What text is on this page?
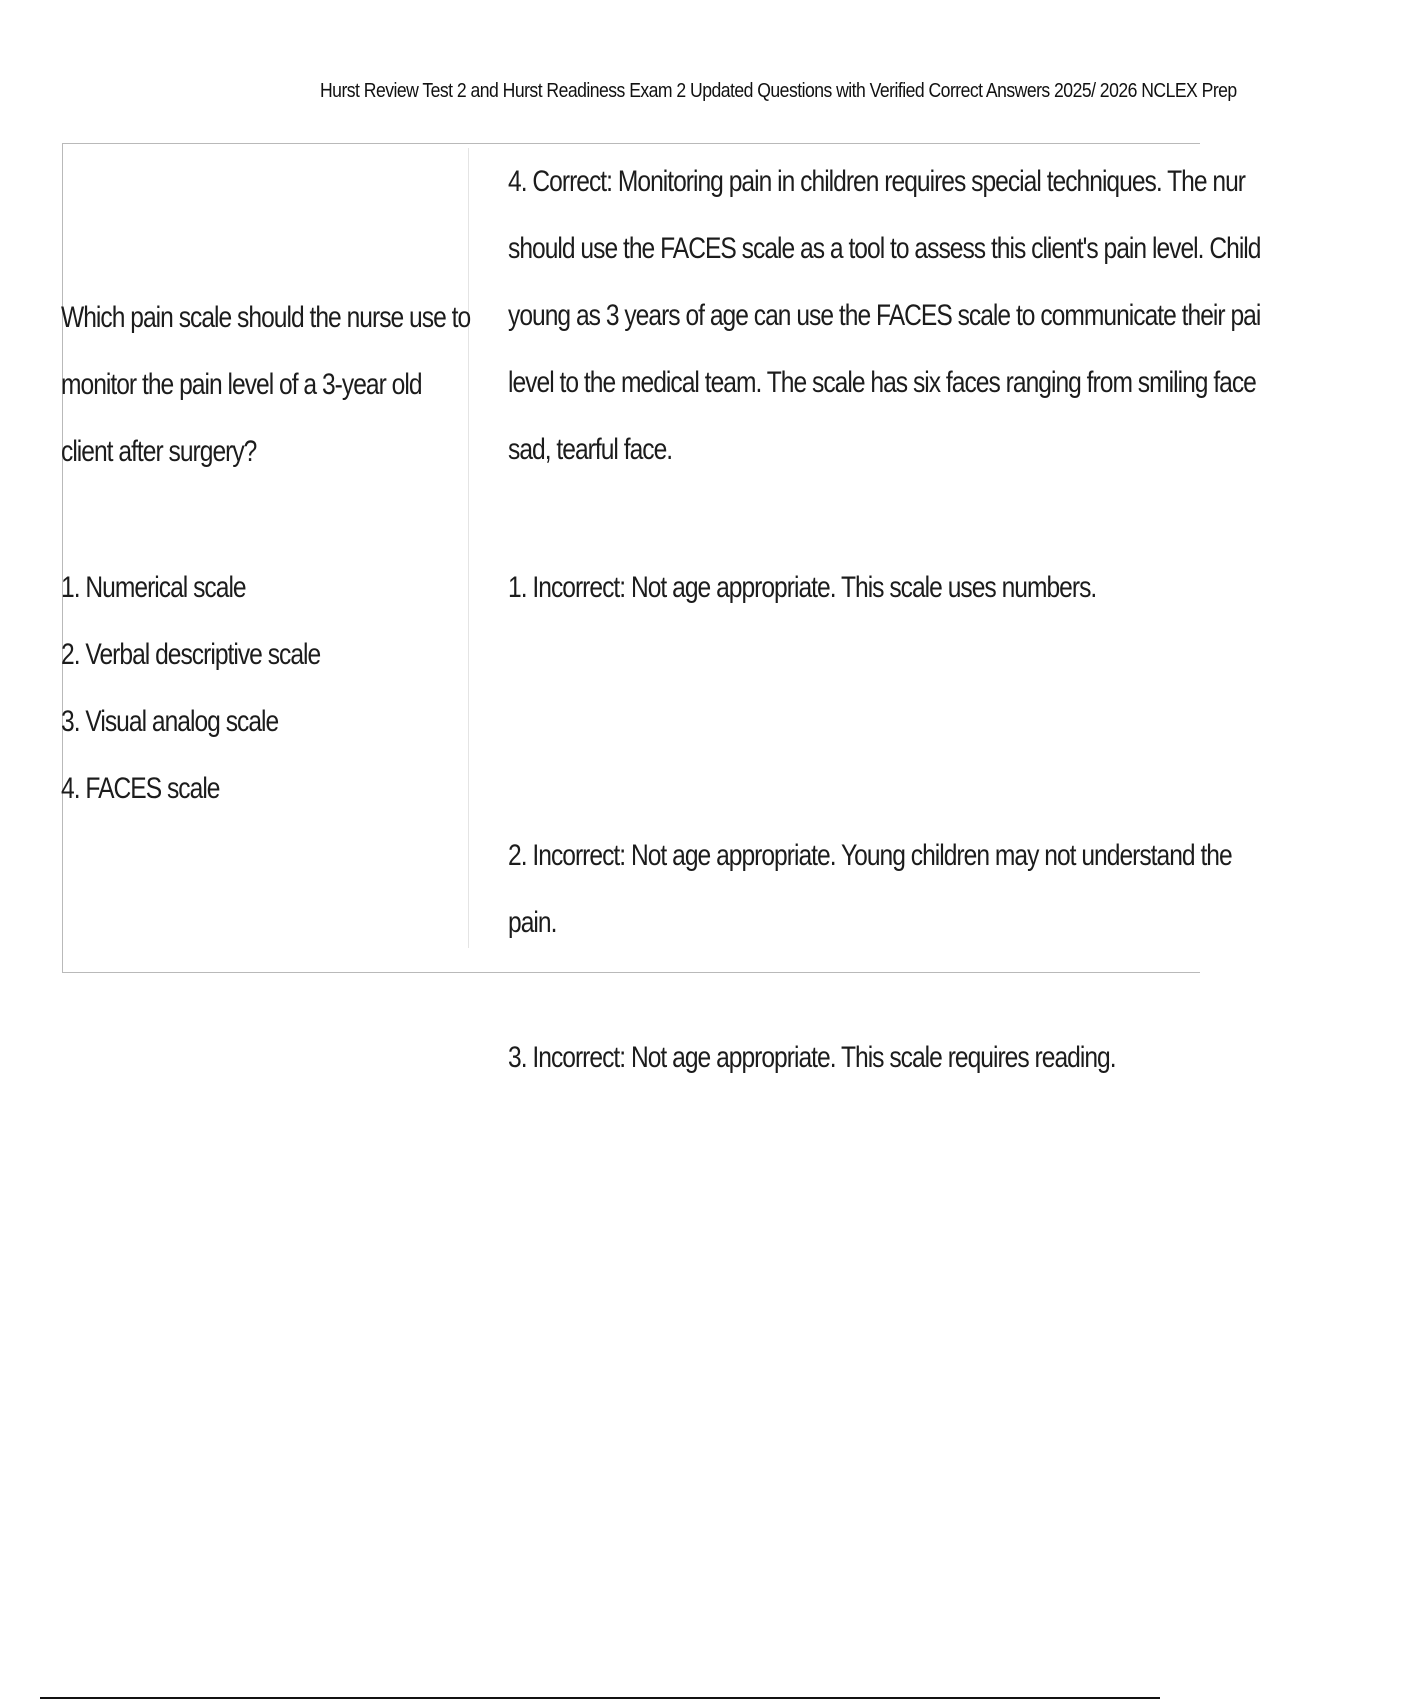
Hurst Review Test 2 and Hurst Readiness Exam 2 Updated Questions with Verified Correct Answers 2025/ 2026 NCLEX Prep
Which pain scale should the nurse use to
monitor the pain level of a 3-year old
client after surgery?
1. Numerical scale
2. Verbal descriptive scale
3. Visual analog scale
4. FACES scale
4. Correct: Monitoring pain in children requires special techniques. The nur
should use the FACES scale as a tool to assess this client's pain level. Child
young as 3 years of age can use the FACES scale to communicate their pai
level to the medical team. The scale has six faces ranging from smiling face
sad, tearful face.
1. Incorrect: Not age appropriate. This scale uses numbers.
2. Incorrect: Not age appropriate. Young children may not understand the
pain.
3. Incorrect: Not age appropriate. This scale requires reading.
